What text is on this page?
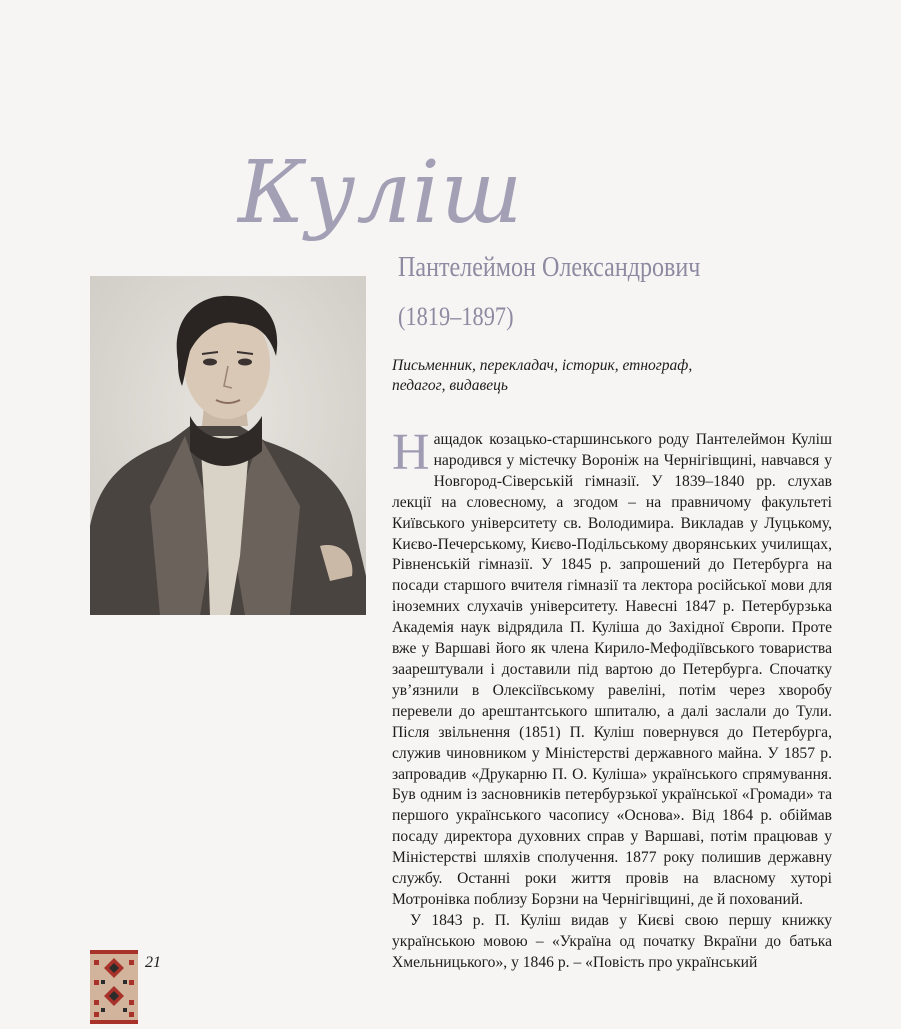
Куліш
Пантелеймон Олександрович
(1819–1897)
Письменник, перекладач, історик, етнограф,
педагог, видавець

Нащадок козацько-старшинського роду Пантелеймон Куліш народився у містечку Воронiж на Чернігівщині, навчався у Новгород-Сіверській гімназії. У 1839–1840 рр. слухав лекції на словесному, а згодом – на правничому факультеті Київського університету св. Володимира. Викладав у Луцькому, Києво-Печерському, Києво-Подільському дворянських училищах, Рівненській гімназії. У 1845 р. запрошений до Петербурга на посади старшого вчителя гімназії та лектора російської мови для іноземних слухачів університету. Навесні 1847 р. Петербурзька Академія наук відрядила П. Куліша до Західної Європи. Проте вже у Варшаві його як члена Кирило-Мефодіївського товариства заарештували і доставили під вартою до Петербурга. Спочатку ув’язнили в Олексіївському равеліні, потім через хворобу перевели до арештантського шпиталю, а далі заслали до Тули. Після звільнення (1851) П. Куліш повернувся до Петербурга, служив чиновником у Міністерстві державного майна. У 1857 р. запровадив «Друкарню П. О. Куліша» українського спрямування. Був одним із засновників петербурзької української «Громади» та першого українського часопису «Основа». Від 1864 р. обіймав посаду директора духовних справ у Варшаві, потім працював у Міністерстві шляхів сполучення. 1877 року полишив державну службу. Останні роки життя провів на власному хуторі Мотронівка поблизу Борзни на Чернігівщині, де й похований.

У 1843 р. П. Куліш видав у Києві свою першу книжку українською мовою – «Україна од початку Вкраїни до батька Хмельницького», у 1846 р. – «Повість про український

21
